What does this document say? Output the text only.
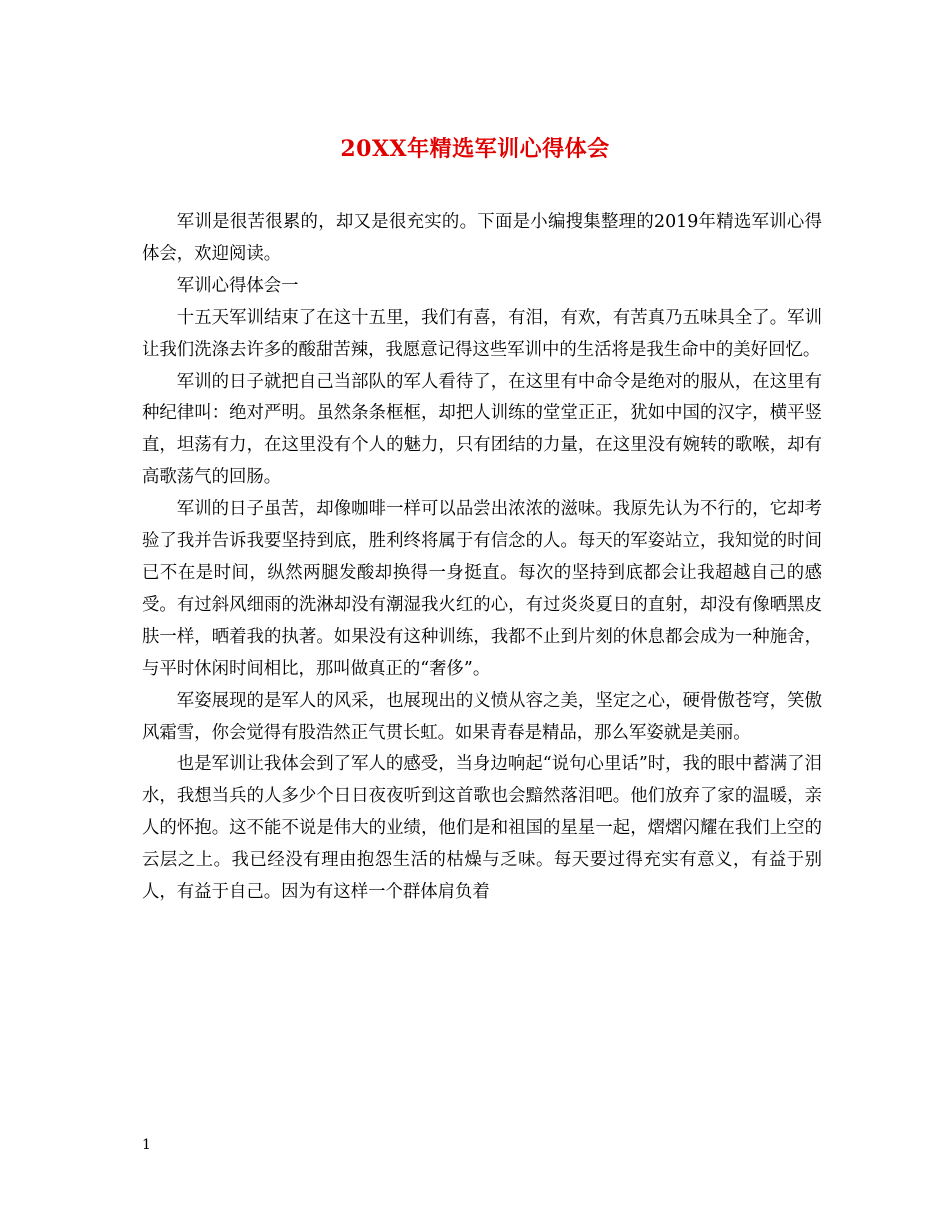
20XX年精选军训心得体会

军训是很苦很累的，却又是很充实的。下面是小编搜集整理的2019年精选军训心得体会，欢迎阅读。

军训心得体会一

十五天军训结束了在这十五里，我们有喜，有泪，有欢，有苦真乃五味具全了。军训让我们洗涤去许多的酸甜苦辣，我愿意记得这些军训中的生活将是我生命中的美好回忆。

军训的日子就把自己当部队的军人看待了，在这里有中命令是绝对的服从，在这里有种纪律叫：绝对严明。虽然条条框框，却把人训练的堂堂正正，犹如中国的汉字，横平竖直，坦荡有力，在这里没有个人的魅力，只有团结的力量，在这里没有婉转的歌喉，却有高歌荡气的回肠。

军训的日子虽苦，却像咖啡一样可以品尝出浓浓的滋味。我原先认为不行的，它却考验了我并告诉我要坚持到底，胜利终将属于有信念的人。每天的军姿站立，我知觉的时间已不在是时间，纵然两腿发酸却换得一身挺直。每次的坚持到底都会让我超越自己的感受。有过斜风细雨的洗淋却没有潮湿我火红的心，有过炎炎夏日的直射，却没有像晒黑皮肤一样，晒着我的执著。如果没有这种训练，我都不止到片刻的休息都会成为一种施舍，与平时休闲时间相比，那叫做真正的“奢侈”。

军姿展现的是军人的风采，也展现出的义愤从容之美，坚定之心，硬骨傲苍穹，笑傲风霜雪，你会觉得有股浩然正气贯长虹。如果青春是精品，那么军姿就是美丽。

也是军训让我体会到了军人的感受，当身边响起“说句心里话”时，我的眼中蓄满了泪水，我想当兵的人多少个日日夜夜听到这首歌也会黯然落泪吧。他们放弃了家的温暖，亲人的怀抱。这不能不说是伟大的业绩，他们是和祖国的星星一起，熠熠闪耀在我们上空的云层之上。我已经没有理由抱怨生活的枯燥与乏味。每天要过得充实有意义，有益于别人，有益于自己。因为有这样一个群体肩负着

1
